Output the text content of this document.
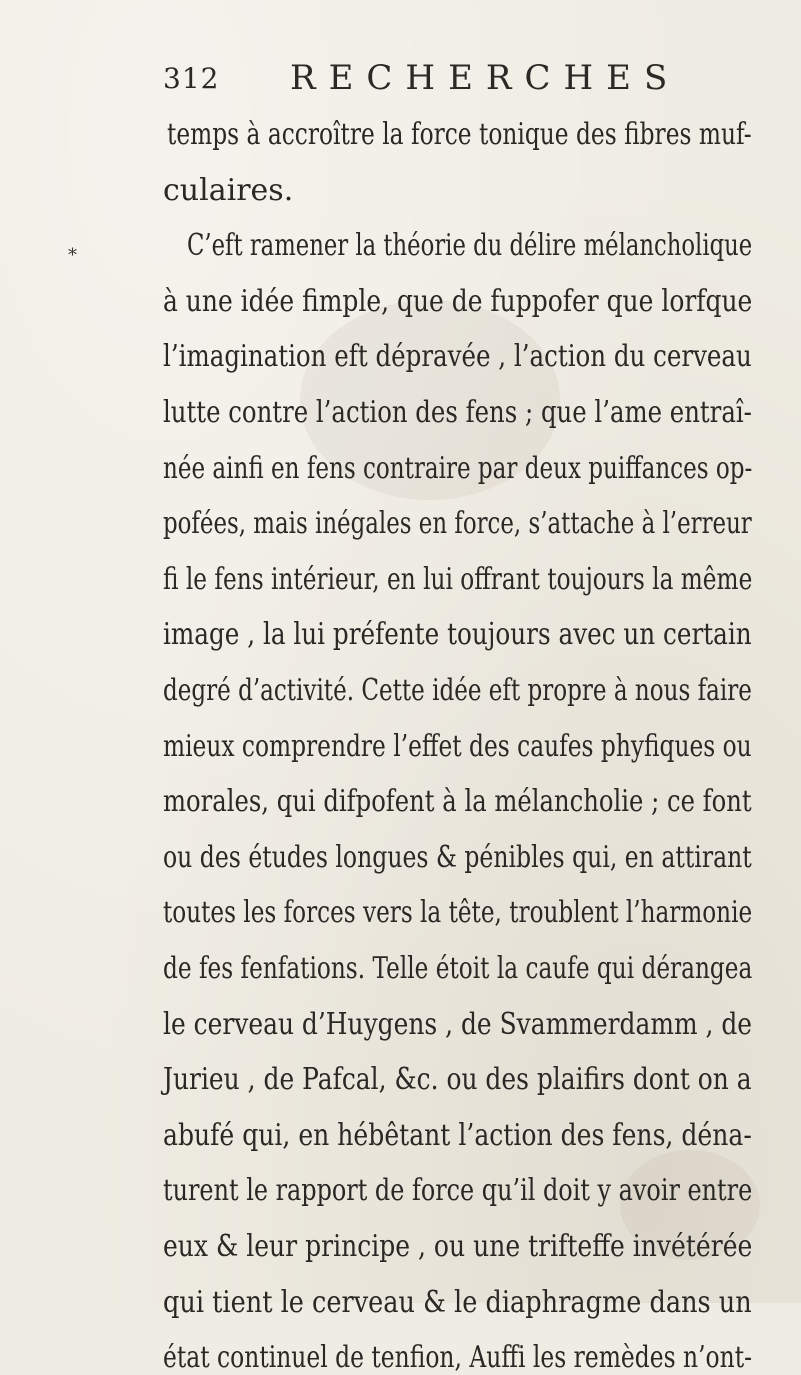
312 RECHERCHES
*
temps à accroître la force tonique des fibres muf-
culaires.
C’eft ramener la théorie du délire mélancholique
à une idée fimple, que de fuppofer que lorfque
l’imagination eft dépravée , l’action du cerveau
lutte contre l’action des fens ; que l’ame entraî-
née ainfi en fens contraire par deux puiffances op-
pofées, mais inégales en force, s’attache à l’erreur
fi le fens intérieur, en lui offrant toujours la même
image , la lui préfente toujours avec un certain
degré d’activité. Cette idée eft propre à nous faire
mieux comprendre l’effet des caufes phyfiques ou
morales, qui difpofent à la mélancholie ; ce font
ou des études longues & pénibles qui, en attirant
toutes les forces vers la tête, troublent l’harmonie
de fes fenfations. Telle étoit la caufe qui dérangea
le cerveau d’Huygens , de Svammerdamm , de
Jurieu , de Pafcal, &c. ou des plaifirs dont on a
abufé qui, en hébêtant l’action des fens, déna-
turent le rapport de force qu’il doit y avoir entre
eux & leur principe , ou une trifteffe invétérée
qui tient le cerveau & le diaphragme dans un
état continuel de tenfion, Auffi les remèdes n’ont-
